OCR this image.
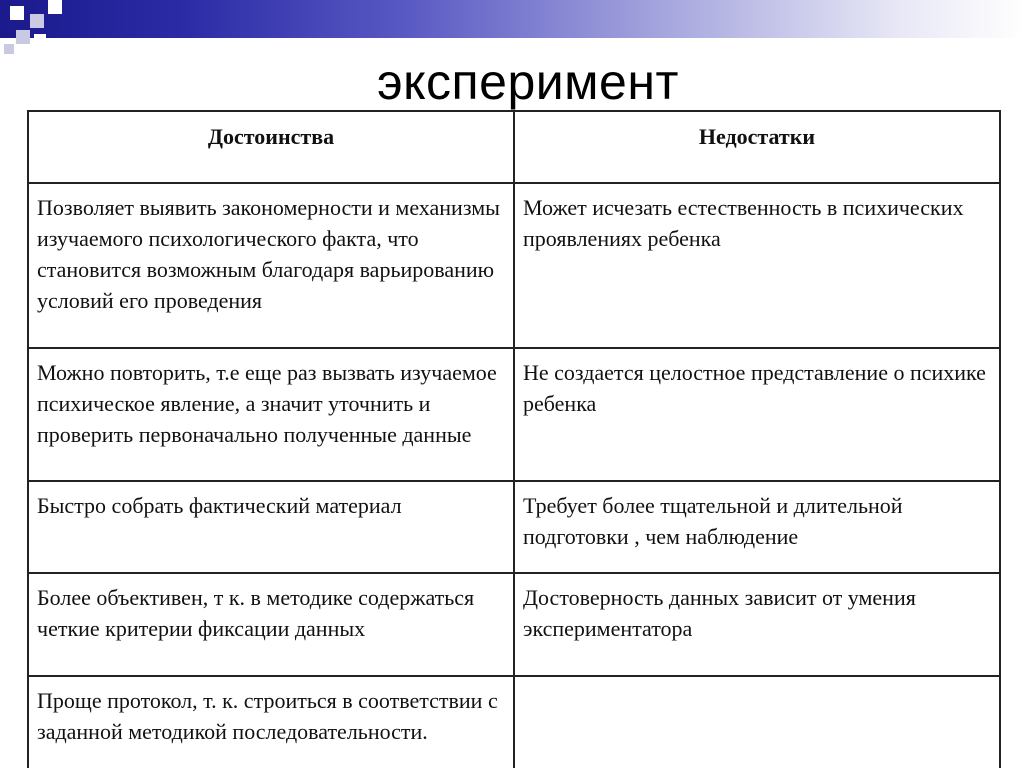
эксперимент
Достоинства	Недостатки
Позволяет выявить закономерности и механизмы изучаемого психологического факта, что становится возможным благодаря варьированию условий его проведения	Может исчезать естественность в психических проявлениях ребенка
Можно повторить, т.е еще раз вызвать изучаемое психическое явление, а значит уточнить и проверить первоначально полученные данные	Не создается целостное представление о психике ребенка
Быстро собрать фактический материал	Требует более тщательной и длительной подготовки , чем наблюдение
Более объективен, т к. в методике содержаться четкие критерии фиксации данных	Достоверность данных зависит от умения экспериментатора
Проще протокол, т. к. строиться в соответствии с заданной методикой последовательности.	
